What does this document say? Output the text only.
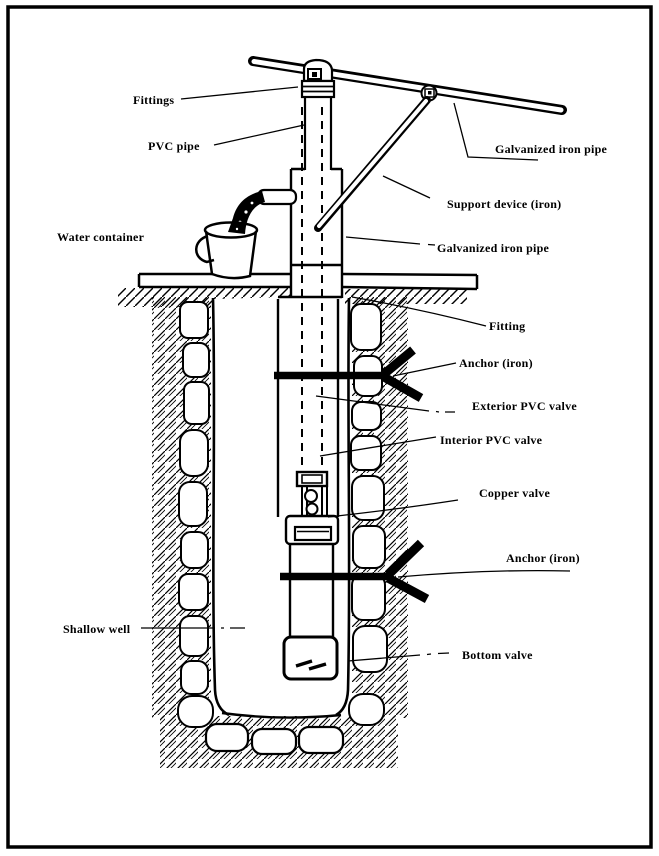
Fittings
PVC pipe
Water container
Galvanized iron pipe
Support device (iron)
Galvanized iron pipe
Fitting
Anchor (iron)
Exterior PVC valve
Interior PVC valve
Copper valve
Anchor (iron)
Shallow well
Bottom valve
